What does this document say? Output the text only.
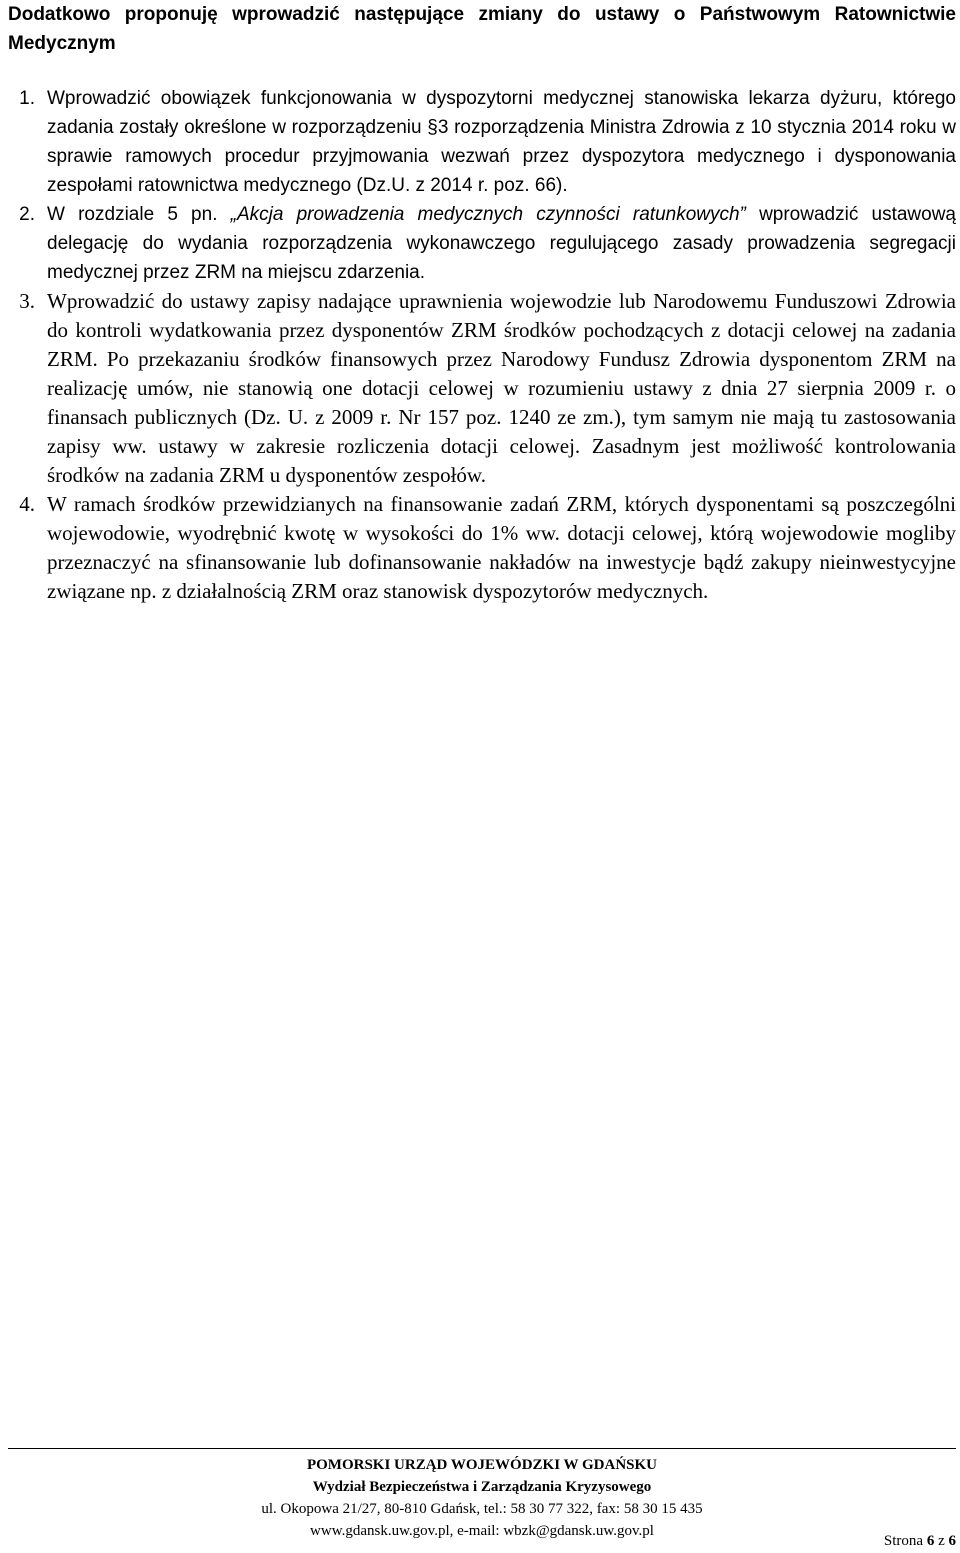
Dodatkowo proponuję wprowadzić następujące zmiany do ustawy o Państwowym Ratownictwie Medycznym
1. Wprowadzić obowiązek funkcjonowania w dyspozytorni medycznej stanowiska lekarza dyżuru, którego zadania zostały określone w rozporządzeniu §3 rozporządzenia Ministra Zdrowia z 10 stycznia 2014 roku w sprawie ramowych procedur przyjmowania wezwań przez dyspozytora medycznego i dysponowania zespołami ratownictwa medycznego (Dz.U. z 2014 r. poz. 66).
2. W rozdziale 5 pn. „Akcja prowadzenia medycznych czynności ratunkowych” wprowadzić ustawową delegację do wydania rozporządzenia wykonawczego regulującego zasady prowadzenia segregacji medycznej przez ZRM na miejscu zdarzenia.
3. Wprowadzić do ustawy zapisy nadające uprawnienia wojewodzie lub Narodowemu Funduszowi Zdrowia do kontroli wydatkowania przez dysponentów ZRM środków pochodzących z dotacji celowej na zadania ZRM. Po przekazaniu środków finansowych przez Narodowy Fundusz Zdrowia dysponentom ZRM na realizację umów, nie stanowią one dotacji celowej w rozumieniu ustawy z dnia 27 sierpnia 2009 r. o finansach publicznych (Dz. U. z 2009 r. Nr 157 poz. 1240 ze zm.), tym samym nie mają tu zastosowania zapisy ww. ustawy w zakresie rozliczenia dotacji celowej. Zasadnym jest możliwość kontrolowania środków na zadania ZRM u dysponentów zespołów.
4. W ramach środków przewidzianych na finansowanie zadań ZRM, których dysponentami są poszczególni wojewodowie, wyodrębnić kwotę w wysokości do 1% ww. dotacji celowej, którą wojewodowie mogliby przeznaczyć na sfinansowanie lub dofinansowanie nakładów na inwestycje bądź zakupy nieinwestycyjne związane np. z działalnością ZRM oraz stanowisk dyspozytorów medycznych.
POMORSKI URZĄD WOJEWÓDZKI W GDAŃSKU
Wydział Bezpieczeństwa i Zarządzania Kryzysowego
ul. Okopowa 21/27, 80-810 Gdańsk, tel.: 58 30 77 322, fax: 58 30 15 435
www.gdansk.uw.gov.pl, e-mail: wbzk@gdansk.uw.gov.pl
Strona 6 z 6
